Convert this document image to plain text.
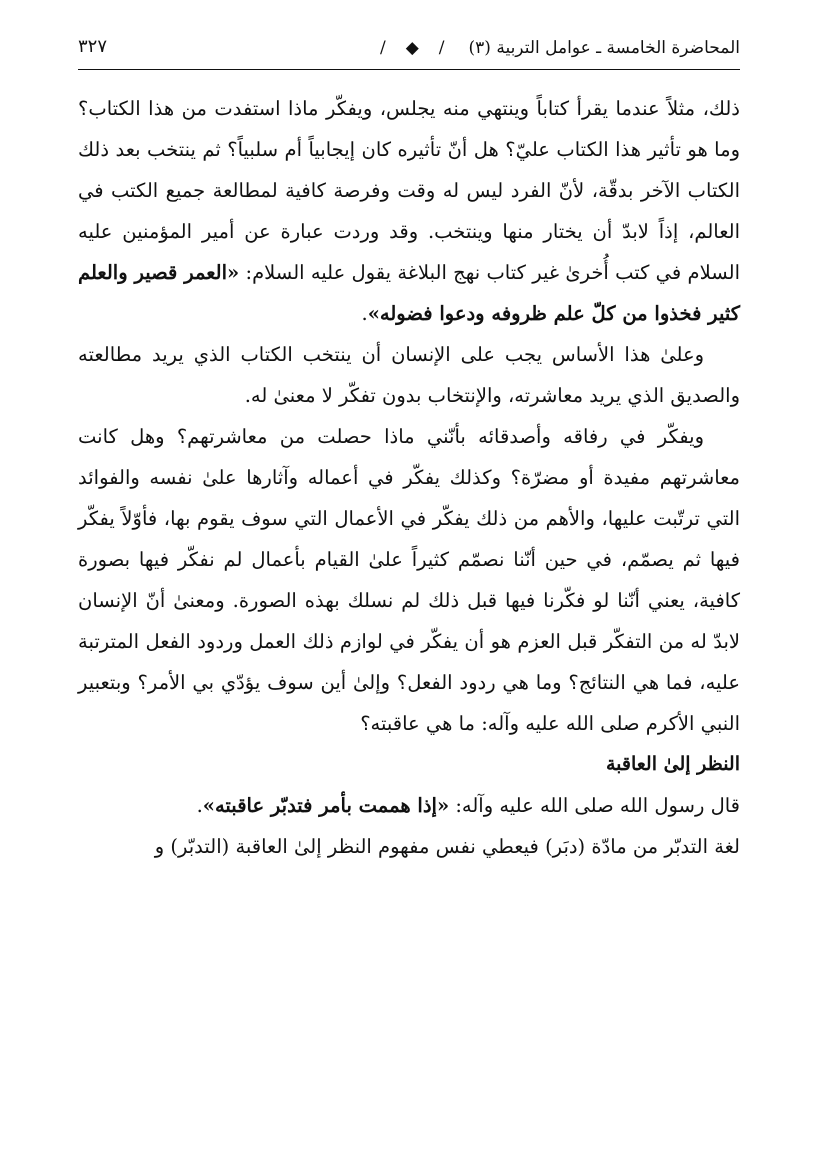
المحاضرة الخامسة ـ عوامل التربية (٣)
/
◆
/
٣٢٧

ذلك، مثلاً عندما يقرأ كتاباً وينتهي منه يجلس، ويفكّر ماذا استفدت من هذا الكتاب؟ وما هو تأثير هذا الكتاب عليّ؟ هل أنّ تأثيره كان إيجابياً أم سلبياً؟ ثم ينتخب بعد ذلك الكتاب الآخر بدقّة، لأنّ الفرد ليس له وقت وفرصة كافية لمطالعة جميع الكتب في العالم، إذاً لابدّ أن يختار منها وينتخب. وقد وردت عبارة عن أمير المؤمنين عليه السلام في كتب أُخرىٰ غير كتاب نهج البلاغة يقول عليه السلام: «العمر قصير والعلم كثير فخذوا من كلّ علم ظروفه ودعوا فضوله».

وعلىٰ هذا الأساس يجب على الإنسان أن ينتخب الكتاب الذي يريد مطالعته والصديق الذي يريد معاشرته، والإنتخاب بدون تفكّر لا معنىٰ له.

ويفكّر في رفاقه وأصدقائه بأنّني ماذا حصلت من معاشرتهم؟ وهل كانت معاشرتهم مفيدة أو مضرّة؟ وكذلك يفكّر في أعماله وآثارها علىٰ نفسه والفوائد التي ترتّبت عليها، والأهم من ذلك يفكّر في الأعمال التي سوف يقوم بها، فأوّلاً يفكّر فيها ثم يصمّم، في حين أنّنا نصمّم كثيراً علىٰ القيام بأعمال لم نفكّر فيها بصورة كافية، يعني أنّنا لو فكّرنا فيها قبل ذلك لم نسلك بهذه الصورة. ومعنىٰ أنّ الإنسان لابدّ له من التفكّر قبل العزم هو أن يفكّر في لوازم ذلك العمل وردود الفعل المترتبة عليه، فما هي النتائج؟ وما هي ردود الفعل؟ وإلىٰ أين سوف يؤدّي بي الأمر؟ وبتعبير النبي الأكرم صلى الله عليه وآله: ما هي عاقبته؟

النظر إلىٰ العاقبة

قال رسول الله صلى الله عليه وآله: «إذا هممت بأمر فتدبّر عاقبته».

لغة التدبّر من مادّة (دبَر) فيعطي نفس مفهوم النظر إلىٰ العاقبة (التدبّر) و
